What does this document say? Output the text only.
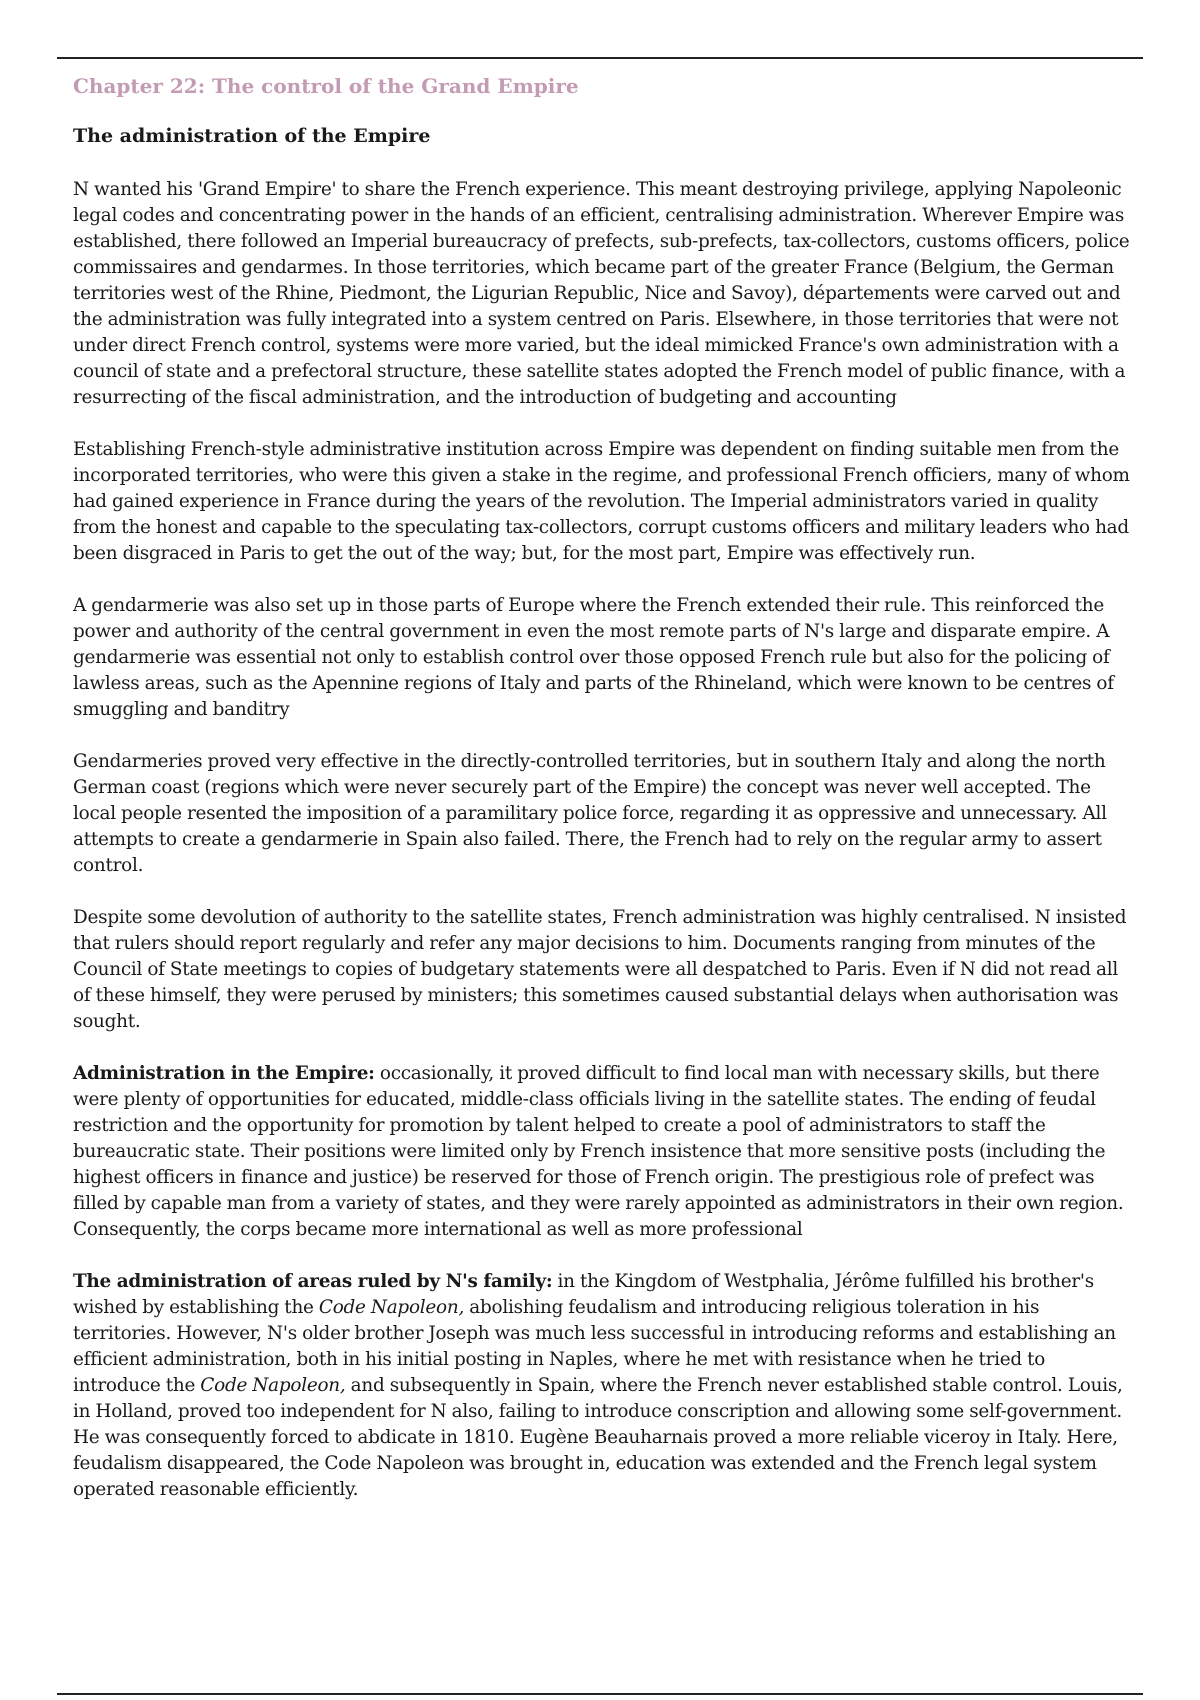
Chapter 22: The control of the Grand Empire
The administration of the Empire

N wanted his 'Grand Empire' to share the French experience. This meant destroying privilege, applying Napoleonic legal codes and concentrating power in the hands of an efficient, centralising administration. Wherever Empire was established, there followed an Imperial bureaucracy of prefects, sub-prefects, tax-collectors, customs officers, police commissaires and gendarmes. In those territories, which became part of the greater France (Belgium, the German territories west of the Rhine, Piedmont, the Ligurian Republic, Nice and Savoy), départements were carved out and the administration was fully integrated into a system centred on Paris. Elsewhere, in those territories that were not under direct French control, systems were more varied, but the ideal mimicked France's own administration with a council of state and a prefectoral structure, these satellite states adopted the French model of public finance, with a resurrecting of the fiscal administration, and the introduction of budgeting and accounting

Establishing French-style administrative institution across Empire was dependent on finding suitable men from the incorporated territories, who were this given a stake in the regime, and professional French officiers, many of whom had gained experience in France during the years of the revolution. The Imperial administrators varied in quality from the honest and capable to the speculating tax-collectors, corrupt customs officers and military leaders who had been disgraced in Paris to get the out of the way; but, for the most part, Empire was effectively run.

A gendarmerie was also set up in those parts of Europe where the French extended their rule. This reinforced the power and authority of the central government in even the most remote parts of N's large and disparate empire. A gendarmerie was essential not only to establish control over those opposed French rule but also for the policing of lawless areas, such as the Apennine regions of Italy and parts of the Rhineland, which were known to be centres of smuggling and banditry

Gendarmeries proved very effective in the directly-controlled territories, but in southern Italy and along the north German coast (regions which were never securely part of the Empire) the concept was never well accepted. The local people resented the imposition of a paramilitary police force, regarding it as oppressive and unnecessary. All attempts to create a gendarmerie in Spain also failed. There, the French had to rely on the regular army to assert control.

Despite some devolution of authority to the satellite states, French administration was highly centralised. N insisted that rulers should report regularly and refer any major decisions to him. Documents ranging from minutes of the Council of State meetings to copies of budgetary statements were all despatched to Paris. Even if N did not read all of these himself, they were perused by ministers; this sometimes caused substantial delays when authorisation was sought.

Administration in the Empire: occasionally, it proved difficult to find local man with necessary skills, but there were plenty of opportunities for educated, middle-class officials living in the satellite states. The ending of feudal restriction and the opportunity for promotion by talent helped to create a pool of administrators to staff the bureaucratic state. Their positions were limited only by French insistence that more sensitive posts (including the highest officers in finance and justice) be reserved for those of French origin. The prestigious role of prefect was filled by capable man from a variety of states, and they were rarely appointed as administrators in their own region. Consequently, the corps became more international as well as more professional

The administration of areas ruled by N's family: in the Kingdom of Westphalia, Jérôme fulfilled his brother's wished by establishing the Code Napoleon, abolishing feudalism and introducing religious toleration in his territories. However, N's older brother Joseph was much less successful in introducing reforms and establishing an efficient administration, both in his initial posting in Naples, where he met with resistance when he tried to introduce the Code Napoleon, and subsequently in Spain, where the French never established stable control. Louis, in Holland, proved too independent for N also, failing to introduce conscription and allowing some self-government. He was consequently forced to abdicate in 1810. Eugène Beauharnais proved a more reliable viceroy in Italy. Here, feudalism disappeared, the Code Napoleon was brought in, education was extended and the French legal system operated reasonable efficiently.
